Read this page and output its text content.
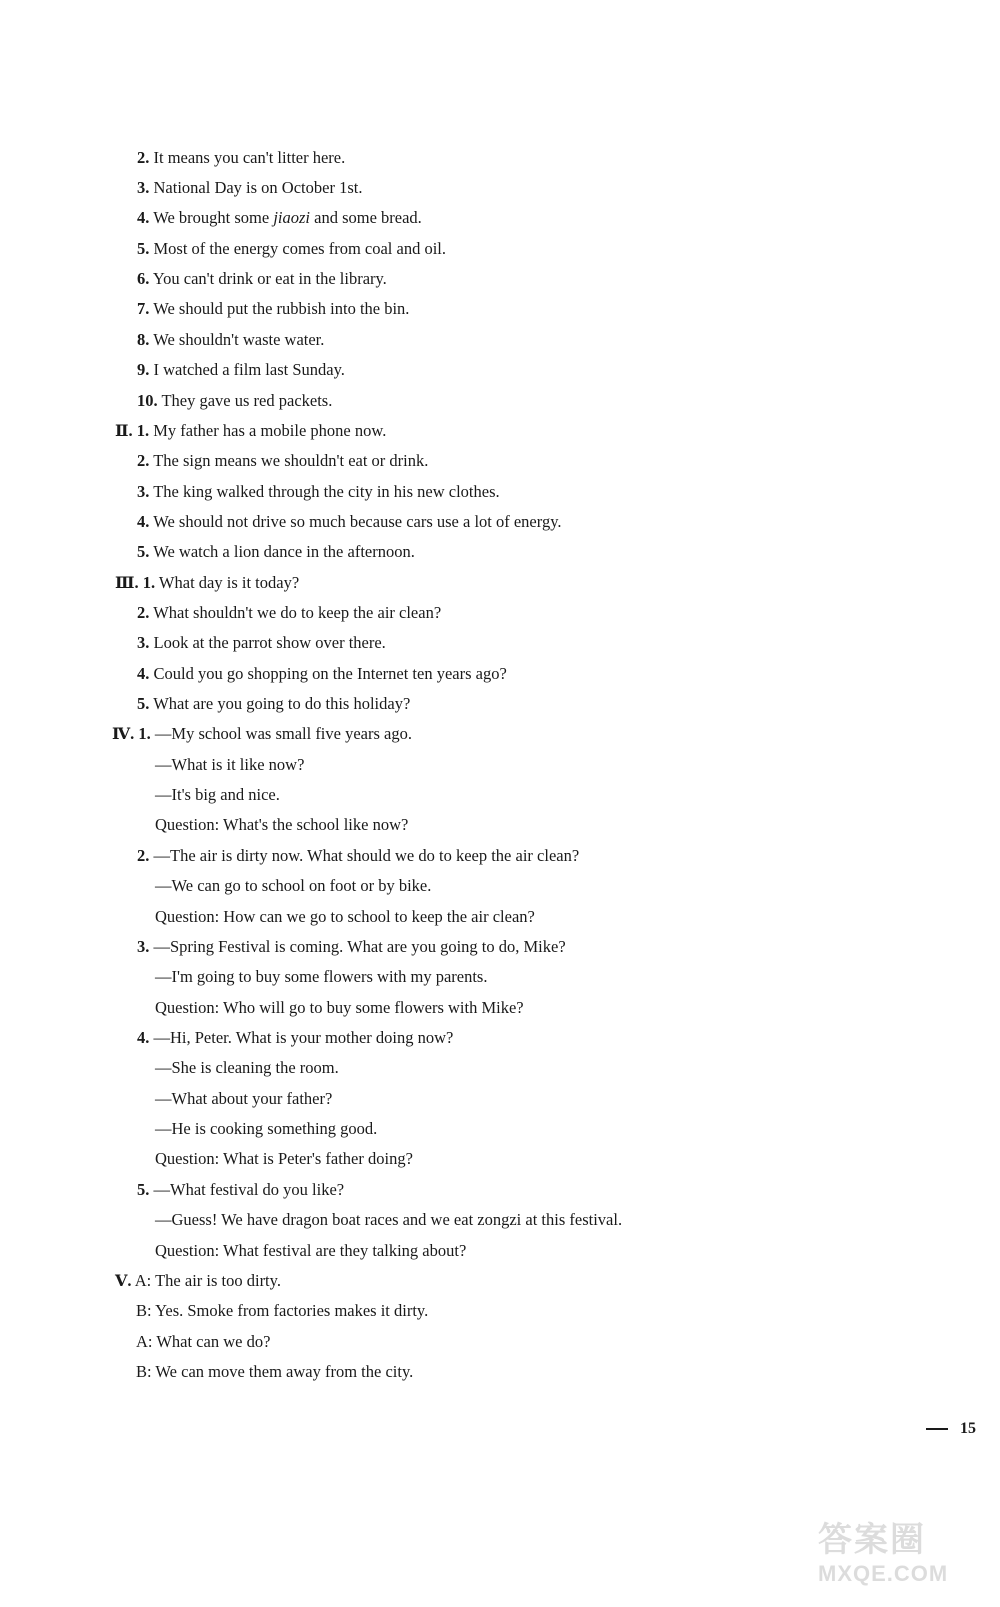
2. It means you can't litter here.
3. National Day is on October 1st.
4. We brought some jiaozi and some bread.
5. Most of the energy comes from coal and oil.
6. You can't drink or eat in the library.
7. We should put the rubbish into the bin.
8. We shouldn't waste water.
9. I watched a film last Sunday.
10. They gave us red packets.
Ⅱ. 1. My father has a mobile phone now.
2. The sign means we shouldn't eat or drink.
3. The king walked through the city in his new clothes.
4. We should not drive so much because cars use a lot of energy.
5. We watch a lion dance in the afternoon.
Ⅲ. 1. What day is it today?
2. What shouldn't we do to keep the air clean?
3. Look at the parrot show over there.
4. Could you go shopping on the Internet ten years ago?
5. What are you going to do this holiday?
Ⅳ. 1. —My school was small five years ago.
—What is it like now?
—It's big and nice.
Question: What's the school like now?
2. —The air is dirty now. What should we do to keep the air clean?
—We can go to school on foot or by bike.
Question: How can we go to school to keep the air clean?
3. —Spring Festival is coming. What are you going to do, Mike?
—I'm going to buy some flowers with my parents.
Question: Who will go to buy some flowers with Mike?
4. —Hi, Peter. What is your mother doing now?
—She is cleaning the room.
—What about your father?
—He is cooking something good.
Question: What is Peter's father doing?
5. —What festival do you like?
—Guess! We have dragon boat races and we eat zongzi at this festival.
Question: What festival are they talking about?
Ⅴ. A: The air is too dirty.
B: Yes. Smoke from factories makes it dirty.
A: What can we do?
B: We can move them away from the city.
15
答案圈
MXQE.COM
